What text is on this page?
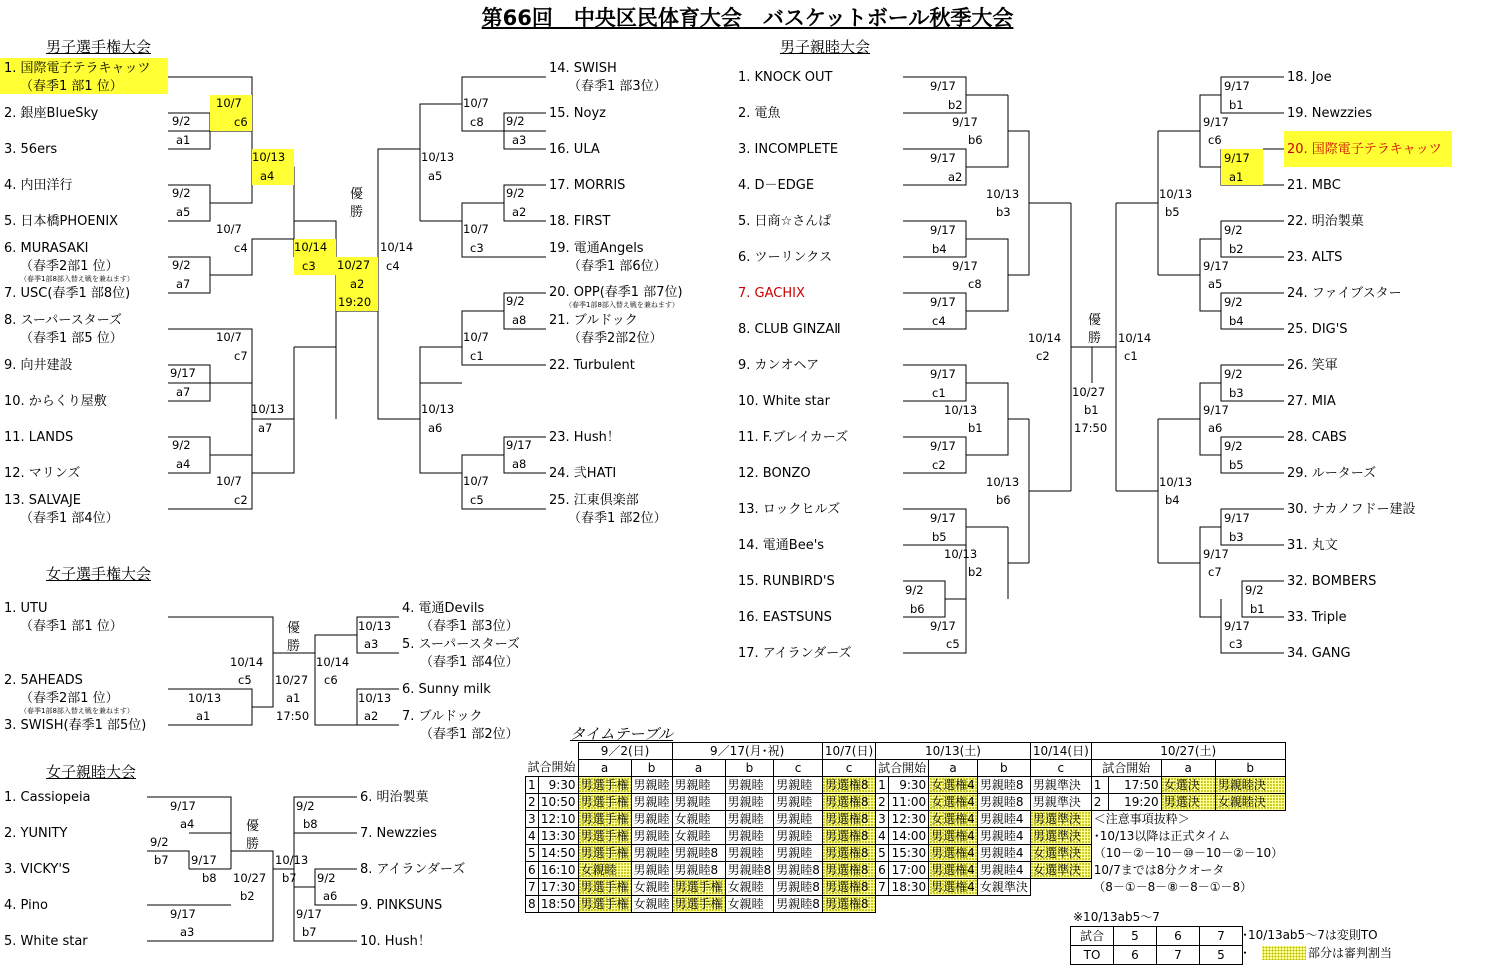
第66回　中央区民体育大会　バスケットボール秋季大会
男子選手権大会
1. 国際電子テラキャッツ
（春季1 部1 位）
2. 銀座BlueSky
3. 56ers
4. 内田洋行
5. 日本橋PHOENIX
6. MURASAKI
（春季2部1 位）
（春季1部8部入替え戦を兼ねます）
7. USC(春季1 部8位)
8. スーパースターズ
（春季1 部5 位）
9. 向井建設
10. からくり屋敷
11. LANDS
12. マリンズ
13. SALVAJE
（春季1 部4位）
14. SWISH
（春季1 部3位）
15. Noyz
16. ULA
17. MORRIS
18. FIRST
19. 電通Angels
（春季1 部6位）
20. OPP(春季1 部7位)
（春季1部8部入替え戦を兼ねます）
21. ブルドック
（春季2部2位）
22. Turbulent
23. Hush！
24. 弐HATI
25. 江東倶楽部
（春季1 部2位）
10/7
c6
9/2
a1
10/13
a4
9/2
a5
10/7
c4
9/2
a7
10/14
c3 10/27
a2
19:20
10/7
c7
9/17
a7
10/13
a7
9/2
a4
10/7
c2
10/7
c8 9/2
a3
10/13
a5
9/2
a2
10/7
c3
9/2
a8
10/7
c1
9/17
a8
10/13
a6
10/7
c5
10/14
c4
優勝
男子親睦大会
1. KNOCK OUT
2. 電魚
3. INCOMPLETE
4. D－EDGE
5. 日商☆さんぱ
6. ツーリンクス
7. GACHIX
8. CLUB GINZAⅡ
9. カンオヘア
10. White star
11. F.ブレイカーズ
12. BONZO
13. ロックヒルズ
14. 電通Bee's
15. RUNBIRD'S
16. EASTSUNS
17. アイランダーズ
18. Joe
19. Newzzies
20. 国際電子テラキャッツ
21. MBC
22. 明治製菓
23. ALTS
24. ファイブスター
25. DIG'S
26. 笑軍
27. MIA
28. CABS
29. ルーターズ
30. ナカノフドー建設
31. 丸文
32. BOMBERS
33. Triple
34. GANG
9/17
b2
9/17
b6
9/17
a2
10/13
b3
9/17
b4
9/17
c8
9/17
c4
10/14
c2
9/17
c1
10/13
b1
9/17
c2
10/13
b6
9/17
b5
10/13
b2
9/2
b6
9/17
c5
10/27
b1
17:50
9/17
b1
9/17
c6
9/17
a1
10/13
b5
9/2
b2
9/17
a5
9/2
b4
10/14
c1
9/2
b3
9/17
a6
9/2
b5
10/13
b4
9/17
b3
9/17
c7
9/2
b1
9/17
c3
優勝
女子選手権大会
1. UTU
（春季1 部1 位）
2. 5AHEADS
（春季2部1 位）
（春季1部8部入替え戦を兼ねます）
3. SWISH(春季1 部5位)
4. 電通Devils
（春季1 部3位）
5. スーパースターズ
（春季1 部4位）
6. Sunny milk
7. ブルドック
（春季1 部2位）
10/14
c5
10/13
a1
10/27
a1
17:50
10/14
c6
10/13
a3
10/13
a2
優勝
女子親睦大会
1. Cassiopeia
2. YUNITY
3. VICKY'S
4. Pino
5. White star
6. 明治製菓
7. Newzzies
8. アイランダーズ
9. PINKSUNS
10. Hush！
9/17
a4
9/2
b7 9/17
b8
9/17
a3
10/27
b2
9/2
b8
10/13
b7 9/2
a6
9/17
b7
優勝
タイムテーブル
		9／2(日)		9／17(月･祝)			10/7(日)	10/13(土)				10/14(日)	10/27(土)			
試合開始		a	b	a	b	c	c	試合開始		a	b	c	試合開始		a	b
1	9:30	男選手権	男親睦	男親睦	男親睦	男親睦	男選権8	1	9:30	女選権4	男親睦8	男親準決	1	17:50	女選決	男親睦決
2	10:50	男選手権	男親睦	男親睦	男親睦	男親睦	男選権8	2	11:00	女選権4	男親睦8	男親準決	2	19:20	男選決	女親睦決
3	12:10	男選手権	男親睦	女親睦	男親睦	男親睦	男選権8	3	12:30	女選権4	男親睦4	男選準決	＜注意事項抜粋＞			
4	13:30	男選手権	男親睦	女親睦	男親睦	男親睦	男選権8	4	14:00	男選権4	男親睦4	男選準決	･10/13以降は正式タイム			
5	14:50	男選手権	男親睦	男親睦8	男親睦	男親睦	男選権8	5	15:30	男選権4	男親睦4	女選準決	（10－②－10－⑩－10－②－10）			
6	16:10	女親睦	男親睦	男親睦8	男親睦8	男親睦8	男選権8	6	17:00	男選権4	男親睦4	女選準決	10/7までは8分クオータ			
7	17:30	男選手権	女親睦	男選手権	女親睦	男親睦8	男選権8	7	18:30	男選権4	女親準決		（8－①－8－⑧－8－①－8）			
8	18:50	男選手権	女親睦	男選手権	女親睦	男親睦8	男選権8									
※10/13ab5～7
試合	5	6	7
TO	6	7	5
･10/13ab5～7は変則TO
･	部分は審判割当
